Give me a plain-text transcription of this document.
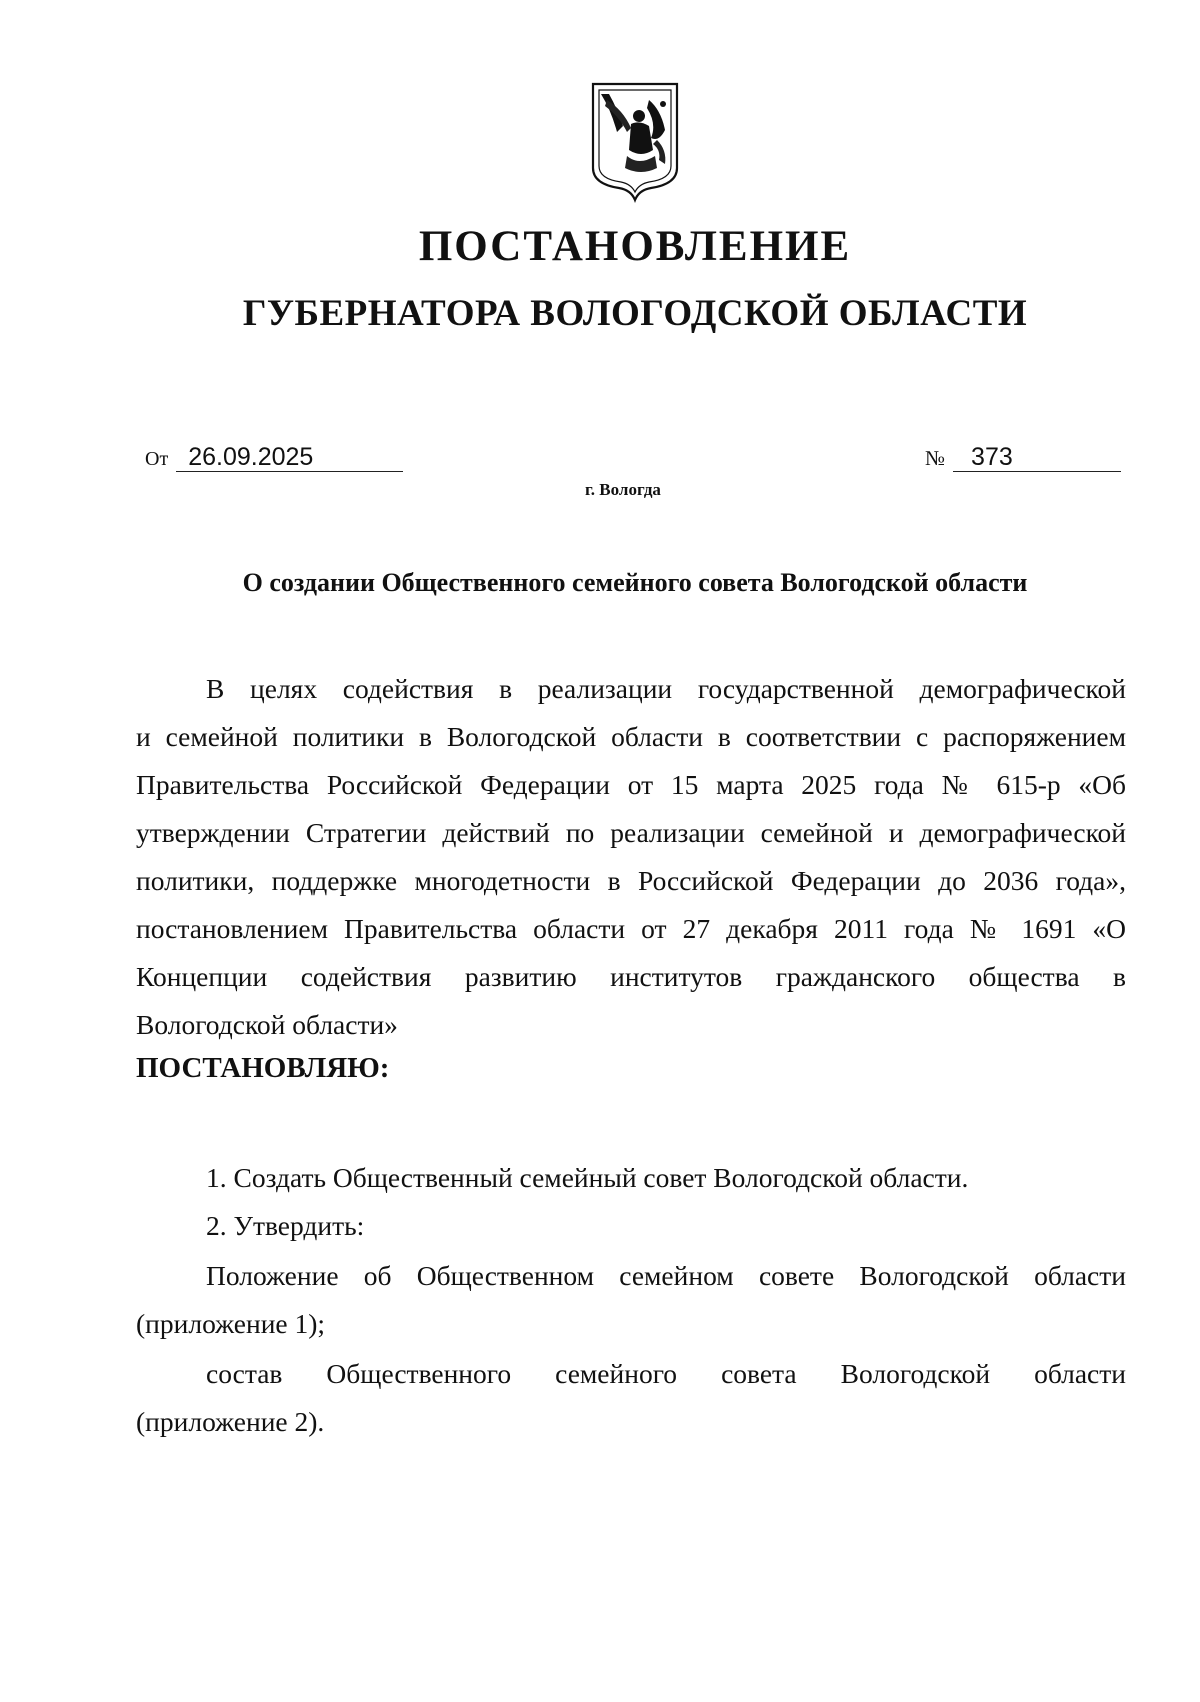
ПОСТАНОВЛЕНИЕ
ГУБЕРНАТОРА ВОЛОГОДСКОЙ ОБЛАСТИ
От 26.09.2025	№ 373
г. Вологда
О создании Общественного семейного совета Вологодской области
В целях содействия в реализации государственной демографической
и семейной политики в Вологодской области в соответствии с распоряжением
Правительства Российской Федерации от 15 марта 2025 года № 615-р «Об
утверждении Стратегии действий по реализации семейной и демографической
политики, поддержке многодетности в Российской Федерации до 2036 года»,
постановлением Правительства области от 27 декабря 2011 года № 1691 «О
Концепции содействия развитию институтов гражданского общества в
Вологодской области»
ПОСТАНОВЛЯЮ:
1. Создать Общественный семейный совет Вологодской области.
2. Утвердить:
Положение об Общественном семейном совете Вологодской области
(приложение 1);
состав Общественного семейного совета Вологодской области
(приложение 2).
